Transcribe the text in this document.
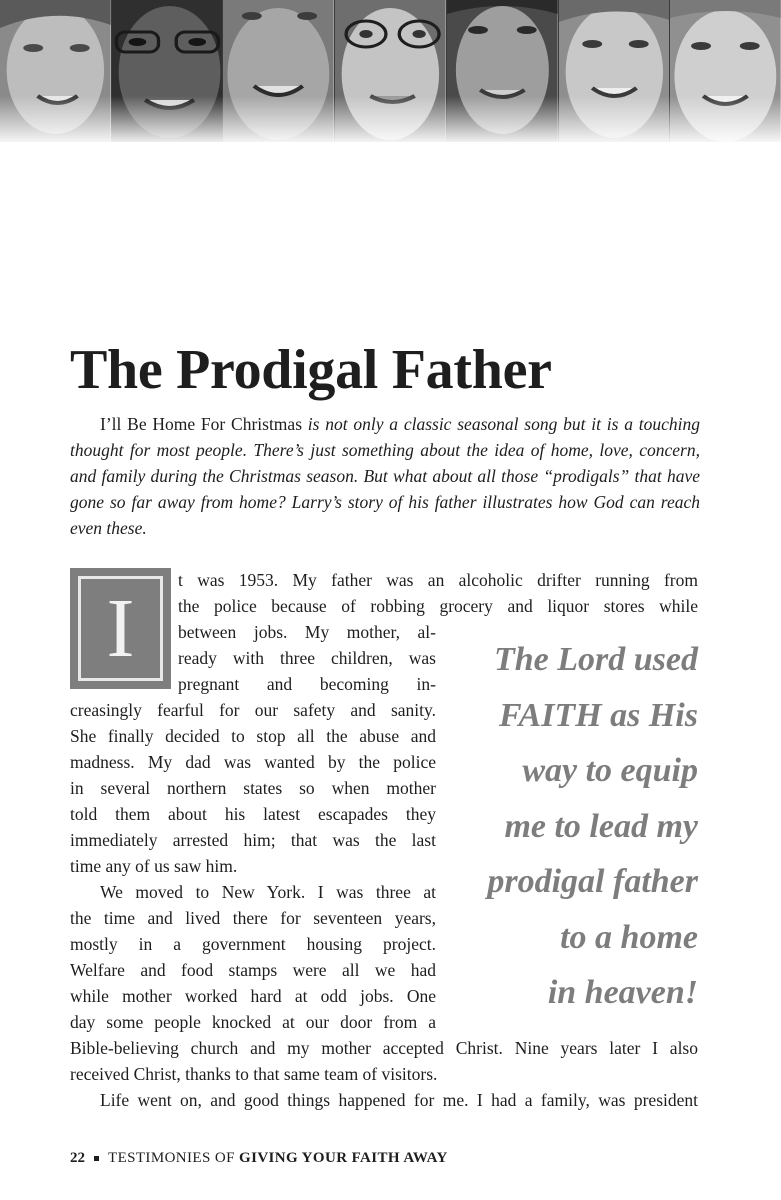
The Prodigal Father

I’ll Be Home For Christmas is not only a classic seasonal song but it is a touching thought for most people. There’s just something about the idea of home, love, concern, and family during the Christmas season. But what about all those “prodigals” that have gone so far away from home? Larry’s story of his father illustrates how God can reach even these.

I
t was 1953. My father was an alcoholic drifter running from
the police because of robbing grocery and liquor stores while
between jobs. My mother, al-
ready with three children, was
pregnant and becoming in-
creasingly fearful for our safety and sanity.
She finally decided to stop all the abuse and
madness. My dad was wanted by the police
in several northern states so when mother
told them about his latest escapades they
immediately arrested him; that was the last
time any of us saw him.
We moved to New York. I was three at
the time and lived there for seventeen years,
mostly in a government housing project.
Welfare and food stamps were all we had
while mother worked hard at odd jobs. One
day some people knocked at our door from a
Bible-believing church and my mother accepted Christ. Nine years later I also
received Christ, thanks to that same team of visitors.
Life went on, and good things happened for me. I had a family, was president
The Lord used
FAITH as His
way to equip
me to lead my
prodigal father
to a home
in heaven!
22 TESTIMONIES OF GIVING YOUR FAITH AWAY
